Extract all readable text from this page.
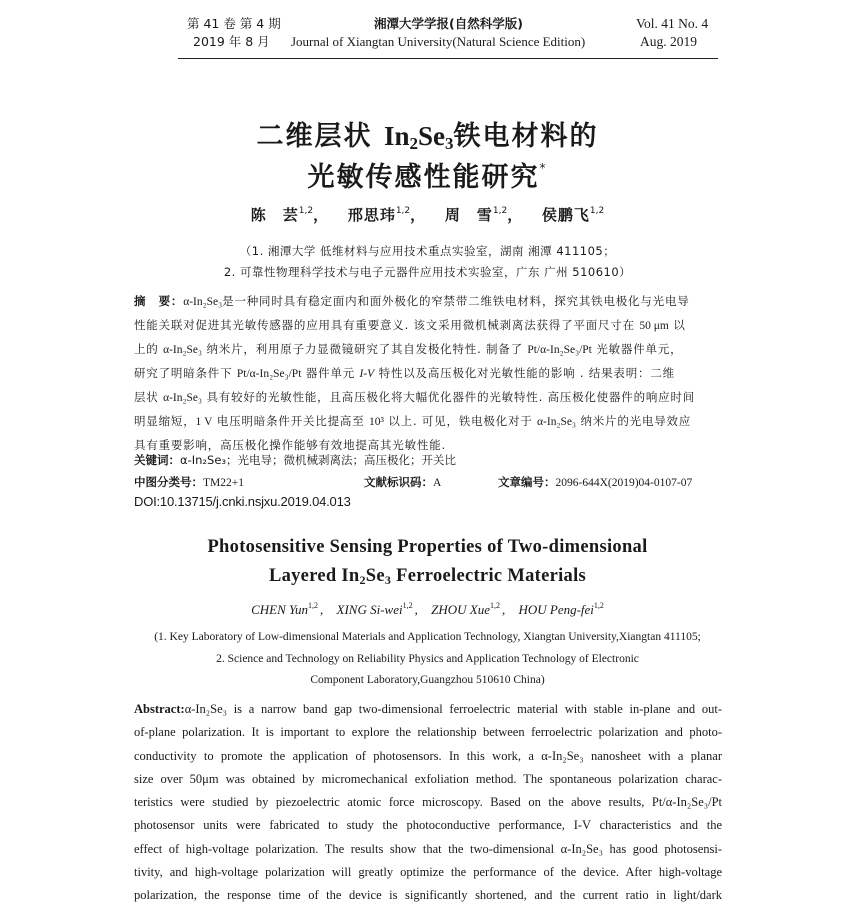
第 41 卷 第 4 期
2019 年 8 月
湘潭大学学报(自然科学版)
Journal of Xiangtan University(Natural Science Edition)
Vol. 41 No. 4
Aug. 2019
二维层状 $In_2Se_3$铁电材料的
光敏传感性能研究*
陈　芸$^{1,2}$， 邢思玮$^{1,2}$， 周　雪$^{1,2}$， 侯鹏飞$^{1,2}$
（1. 湘潭大学 低维材料与应用技术重点实验室，湖南 湘潭 411105；
2. 可靠性物理科学技术与电子元器件应用技术实验室，广东 广州 510610）
摘　要：α-In₂Se₃是一种同时具有稳定面内和面外极化的窄禁带二维铁电材料，探究其铁电极化与光电导
性能关联对促进其光敏传感器的应用具有重要意义. 该文采用微机械剥离法获得了平面尺寸在 50 μm 以
上的 α-In₂Se₃ 纳米片，利用原子力显微镜研究了其自发极化特性. 制备了 Pt/α-In₂Se₃/Pt 光敏器件单元，
研究了明暗条件下 Pt/α-In₂Se₃/Pt 器件单元 I-V 特性以及高压极化对光敏性能的影响 . 结果表明：二维
层状 α-In₂Se₃ 具有较好的光敏性能，且高压极化将大幅优化器件的光敏特性. 高压极化使器件的响应时间
明显缩短，1 V 电压明暗条件开关比提高至 10³ 以上. 可见，铁电极化对于 α-In₂Se₃ 纳米片的光电导效应
具有重要影响，高压极化操作能够有效地提高其光敏性能.
关键词：α-In₂Se₃；光电导；微机械剥离法；高压极化；开关比
中图分类号：TM22+1	文献标识码：A	文章编号：2096-644X(2019)04-0107-07
DOI:10.13715/j.cnki.nsjxu.2019.04.013
Photosensitive Sensing Properties of Two-dimensional
Layered $In_2Se_3$ Ferroelectric Materials
CHEN Yun$^{1,2}$ , XING Si-wei$^{1,2}$ , ZHOU Xue$^{1,2}$ , HOU Peng-fei$^{1,2}$
(1. Key Laboratory of Low-dimensional Materials and Application Technology, Xiangtan University,Xiangtan 411105;
2. Science and Technology on Reliability Physics and Application Technology of Electronic
Component Laboratory,Guangzhou 510610 China)
Abstract:α-In₂Se₃ is a narrow band gap two-dimensional ferroelectric material with stable in-plane and out-
of-plane polarization. It is important to explore the relationship between ferroelectric polarization and photo-
conductivity to promote the application of photosensors. In this work, a α-In₂Se₃ nanosheet with a planar
size over 50μm was obtained by micromechanical exfoliation method. The spontaneous polarization charac-
teristics were studied by piezoelectric atomic force microscopy. Based on the above results, Pt/α-In₂Se₃/Pt
photosensor units were fabricated to study the photoconductive performance, I-V characteristics and the
effect of high-voltage polarization. The results show that the two-dimensional α-In₂Se₃ has good photosensi-
tivity, and high-voltage polarization will greatly optimize the performance of the device. After high-voltage
polarization, the response time of the device is significantly shortened, and the current ratio in light/dark
